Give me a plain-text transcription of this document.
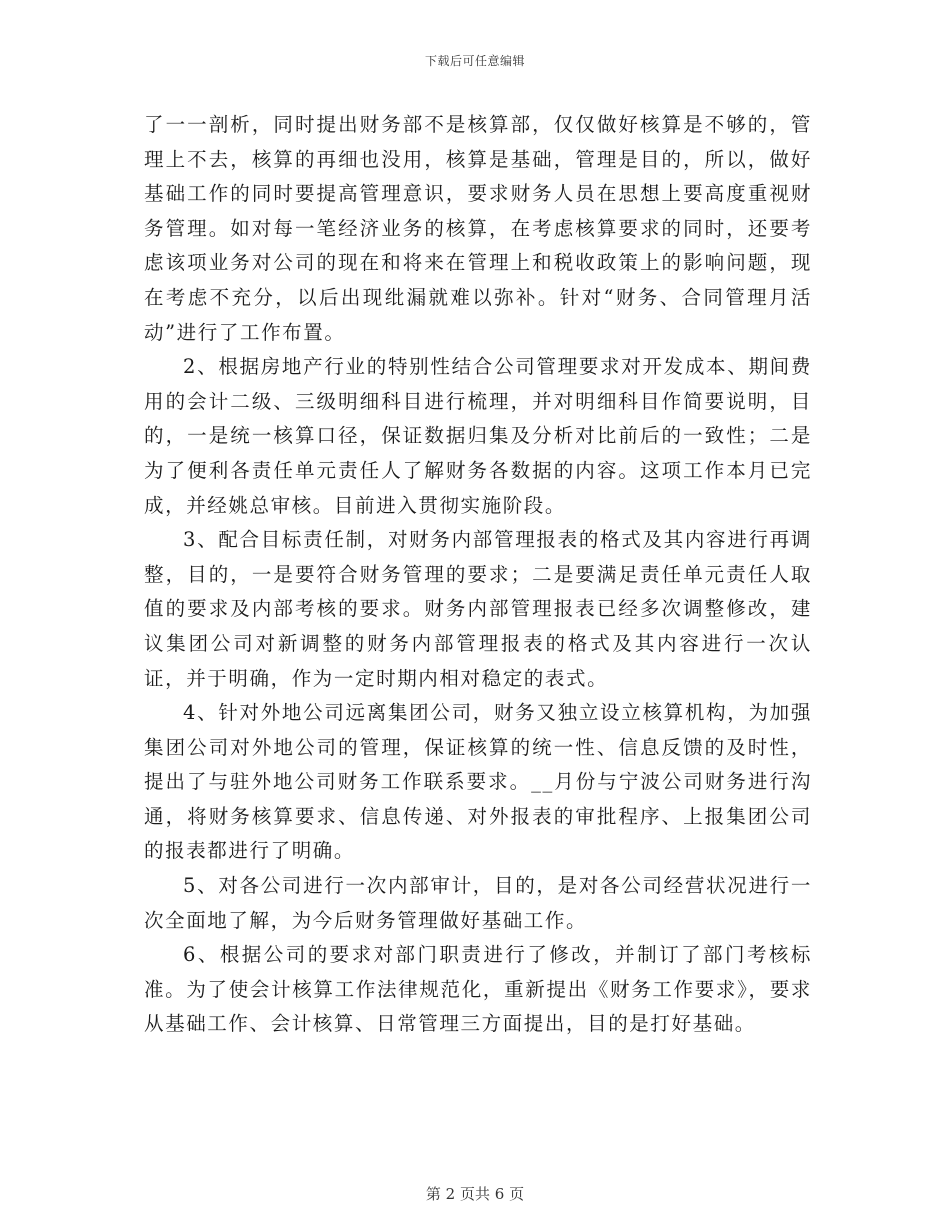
下载后可任意编辑

了一一剖析，同时提出财务部不是核算部，仅仅做好核算是不够的，管理上不去，核算的再细也没用，核算是基础，管理是目的，所以，做好基础工作的同时要提高管理意识，要求财务人员在思想上要高度重视财务管理。如对每一笔经济业务的核算，在考虑核算要求的同时，还要考虑该项业务对公司的现在和将来在管理上和税收政策上的影响问题，现在考虑不充分，以后出现纰漏就难以弥补。针对“财务、合同管理月活动”进行了工作布置。

2、根据房地产行业的特别性结合公司管理要求对开发成本、期间费用的会计二级、三级明细科目进行梳理，并对明细科目作简要说明，目的，一是统一核算口径，保证数据归集及分析对比前后的一致性；二是为了便利各责任单元责任人了解财务各数据的内容。这项工作本月已完成，并经姚总审核。目前进入贯彻实施阶段。

3、配合目标责任制，对财务内部管理报表的格式及其内容进行再调整，目的，一是要符合财务管理的要求；二是要满足责任单元责任人取值的要求及内部考核的要求。财务内部管理报表已经多次调整修改，建议集团公司对新调整的财务内部管理报表的格式及其内容进行一次认证，并于明确，作为一定时期内相对稳定的表式。

4、针对外地公司远离集团公司，财务又独立设立核算机构，为加强集团公司对外地公司的管理，保证核算的统一性、信息反馈的及时性，提出了与驻外地公司财务工作联系要求。__月份与宁波公司财务进行沟通，将财务核算要求、信息传递、对外报表的审批程序、上报集团公司的报表都进行了明确。

5、对各公司进行一次内部审计，目的，是对各公司经营状况进行一次全面地了解，为今后财务管理做好基础工作。

6、根据公司的要求对部门职责进行了修改，并制订了部门考核标准。为了使会计核算工作法律规范化，重新提出《财务工作要求》，要求从基础工作、会计核算、日常管理三方面提出，目的是打好基础。

第 2 页共 6 页
